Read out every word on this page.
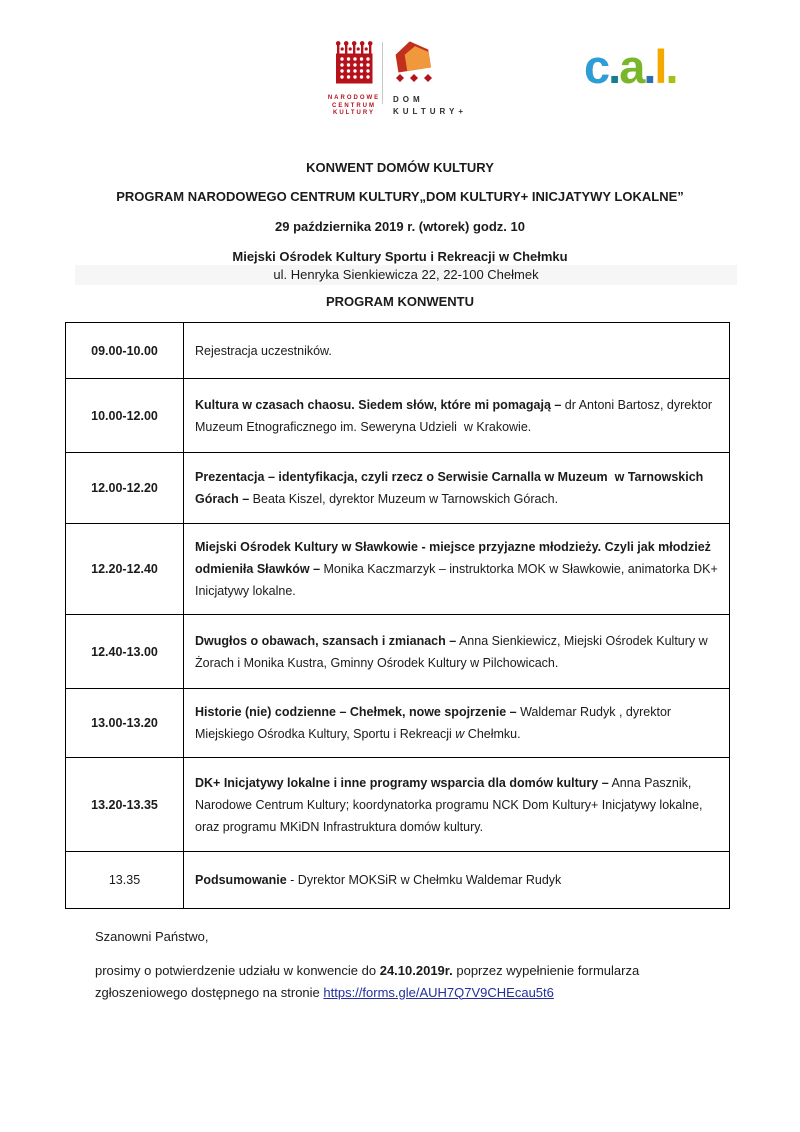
NARODOWE
CENTRUM
KULTURY
DOM
KULTURY+
c.a.l.
KONWENT DOMÓW KULTURY
PROGRAM NARODOWEGO CENTRUM KULTURY„DOM KULTURY+ INICJATYWY LOKALNE”
29 października 2019 r. (wtorek) godz. 10
Miejski Ośrodek Kultury Sportu i Rekreacji w Chełmku
ul. Henryka Sienkiewicza 22, 22-100 Chełmek
PROGRAM KONWENTU
09.00-10.00	Rejestracja uczestników.
10.00-12.00	Kultura w czasach chaosu. Siedem słów, które mi pomagają – dr Antoni Bartosz, dyrektor Muzeum Etnograficznego im. Seweryna Udzieli  w Krakowie.
12.00-12.20	Prezentacja – identyfikacja, czyli rzecz o Serwisie Carnalla w Muzeum  w Tarnowskich Górach – Beata Kiszel, dyrektor Muzeum w Tarnowskich Górach.
12.20-12.40	Miejski Ośrodek Kultury w Sławkowie - miejsce przyjazne młodzieży. Czyli jak młodzież odmieniła Sławków – Monika Kaczmarzyk – instruktorka MOK w Sławkowie, animatorka DK+ Inicjatywy lokalne.
12.40-13.00	Dwugłos o obawach, szansach i zmianach – Anna Sienkiewicz, Miejski Ośrodek Kultury w Żorach i Monika Kustra, Gminny Ośrodek Kultury w Pilchowicach.
13.00-13.20	Historie (nie) codzienne – Chełmek, nowe spojrzenie – Waldemar Rudyk , dyrektor Miejskiego Ośrodka Kultury, Sportu i Rekreacji w Chełmku.
13.20-13.35	DK+ Inicjatywy lokalne i inne programy wsparcia dla domów kultury – Anna Pasznik, Narodowe Centrum Kultury; koordynatorka programu NCK Dom Kultury+ Inicjatywy lokalne, oraz programu MKiDN Infrastruktura domów kultury.
13.35	Podsumowanie - Dyrektor MOKSiR w Chełmku Waldemar Rudyk
Szanowni Państwo,
prosimy o potwierdzenie udziału w konwencie do 24.10.2019r. poprzez wypełnienie formularza
zgłoszeniowego dostępnego na stronie https://forms.gle/AUH7Q7V9CHEcau5t6
